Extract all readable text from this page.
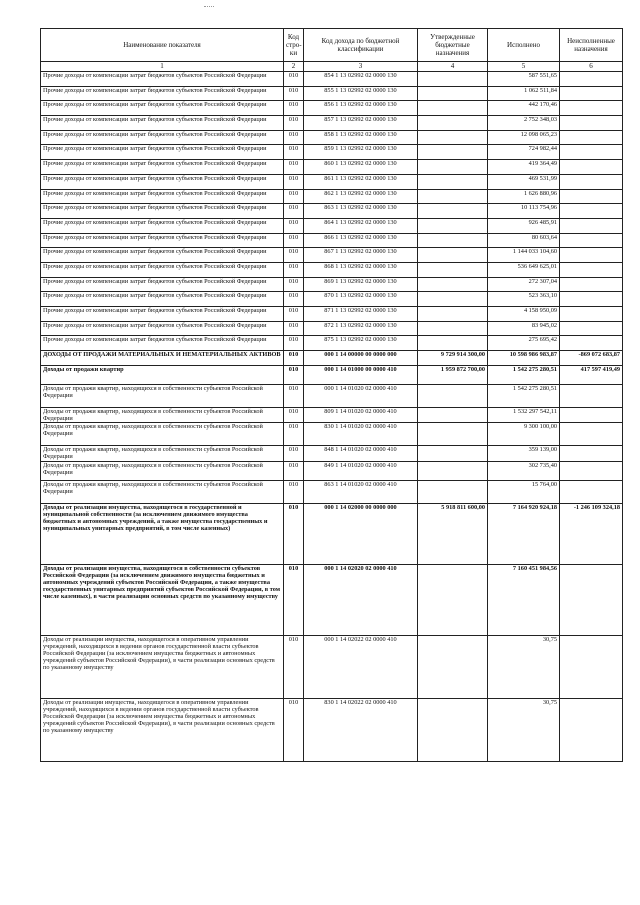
Наименование показателя	Код стро-ки	Код дохода по бюджетной классификации	Утвержденные бюджетные назначения	Исполнено	Неисполненные назначения
1	2	3	4	5	6
Прочие доходы от компенсации затрат бюджетов субъектов Российской Федерации	010	854 1 13 02992 02 0000 130		587 551,65	
Прочие доходы от компенсации затрат бюджетов субъектов Российской Федерации	010	855 1 13 02992 02 0000 130		1 062 511,84	
Прочие доходы от компенсации затрат бюджетов субъектов Российской Федерации	010	856 1 13 02992 02 0000 130		442 170,46	
Прочие доходы от компенсации затрат бюджетов субъектов Российской Федерации	010	857 1 13 02992 02 0000 130		2 752 348,03	
Прочие доходы от компенсации затрат бюджетов субъектов Российской Федерации	010	858 1 13 02992 02 0000 130		12 098 065,23	
Прочие доходы от компенсации затрат бюджетов субъектов Российской Федерации	010	859 1 13 02992 02 0000 130		724 982,44	
Прочие доходы от компенсации затрат бюджетов субъектов Российской Федерации	010	860 1 13 02992 02 0000 130		419 364,49	
Прочие доходы от компенсации затрат бюджетов субъектов Российской Федерации	010	861 1 13 02992 02 0000 130		469 531,99	
Прочие доходы от компенсации затрат бюджетов субъектов Российской Федерации	010	862 1 13 02992 02 0000 130		1 626 880,96	
Прочие доходы от компенсации затрат бюджетов субъектов Российской Федерации	010	863 1 13 02992 02 0000 130		10 113 754,96	
Прочие доходы от компенсации затрат бюджетов субъектов Российской Федерации	010	864 1 13 02992 02 0000 130		926 485,91	
Прочие доходы от компенсации затрат бюджетов субъектов Российской Федерации	010	866 1 13 02992 02 0000 130		80 603,64	
Прочие доходы от компенсации затрат бюджетов субъектов Российской Федерации	010	867 1 13 02992 02 0000 130		1 144 033 104,60	
Прочие доходы от компенсации затрат бюджетов субъектов Российской Федерации	010	868 1 13 02992 02 0000 130		536 649 625,01	
Прочие доходы от компенсации затрат бюджетов субъектов Российской Федерации	010	869 1 13 02992 02 0000 130		272 307,04	
Прочие доходы от компенсации затрат бюджетов субъектов Российской Федерации	010	870 1 13 02992 02 0000 130		523 363,10	
Прочие доходы от компенсации затрат бюджетов субъектов Российской Федерации	010	871 1 13 02992 02 0000 130		4 158 950,09	
Прочие доходы от компенсации затрат бюджетов субъектов Российской Федерации	010	872 1 13 02992 02 0000 130		83 945,02	
Прочие доходы от компенсации затрат бюджетов субъектов Российской Федерации	010	875 1 13 02992 02 0000 130		275 695,42	
ДОХОДЫ ОТ ПРОДАЖИ МАТЕРИАЛЬНЫХ И НЕМАТЕРИАЛЬНЫХ АКТИВОВ	010	000 1 14 00000 00 0000 000	9 729 914 300,00	10 598 986 983,87	-869 072 683,87
Доходы от продажи квартир	010	000 1 14 01000 00 0000 410	1 959 872 700,00	1 542 275 280,51	417 597 419,49
Доходы от продажи квартир, находящихся в собственности субъектов Российской Федерации	010	000 1 14 01020 02 0000 410		1 542 275 280,51	
Доходы от продажи квартир, находящихся в собственности субъектов Российской Федерации	010	809 1 14 01020 02 0000 410		1 532 297 542,11	
Доходы от продажи квартир, находящихся в собственности субъектов Российской Федерации	010	830 1 14 01020 02 0000 410		9 300 100,00	
Доходы от продажи квартир, находящихся в собственности субъектов Российской Федерации	010	848 1 14 01020 02 0000 410		359 139,00	
Доходы от продажи квартир, находящихся в собственности субъектов Российской Федерации	010	849 1 14 01020 02 0000 410		302 735,40	
Доходы от продажи квартир, находящихся в собственности субъектов Российской Федерации	010	863 1 14 01020 02 0000 410		15 764,00	
Доходы от реализации имущества, находящегося в государственной и муниципальной собственности (за исключением движимого имущества бюджетных и автономных учреждений, а также имущества государственных и муниципальных унитарных предприятий, в том числе казенных)	010	000 1 14 02000 00 0000 000	5 918 811 600,00	7 164 920 924,18	-1 246 109 324,18
Доходы от реализации имущества, находящегося в собственности субъектов Российской Федерации (за исключением движимого имущества бюджетных и автономных учреждений субъектов Российской Федерации, а также имущества государственных унитарных предприятий субъектов Российской Федерации, в том числе казенных), в части реализации основных средств по указанному имуществу	010	000 1 14 02020 02 0000 410		7 160 451 984,56	
Доходы от реализации имущества, находящегося в оперативном управлении учреждений, находящихся в ведении органов государственной власти субъектов Российской Федерации (за исключением имущества бюджетных и автономных учреждений субъектов Российской Федерации), в части реализации основных средств по указанному имуществу	010	000 1 14 02022 02 0000 410		30,75	
Доходы от реализации имущества, находящегося в оперативном управлении учреждений, находящихся в ведении органов государственной власти субъектов Российской Федерации (за исключением имущества бюджетных и автономных учреждений субъектов Российской Федерации), в части реализации основных средств по указанному имуществу	010	830 1 14 02022 02 0000 410		30,75	
